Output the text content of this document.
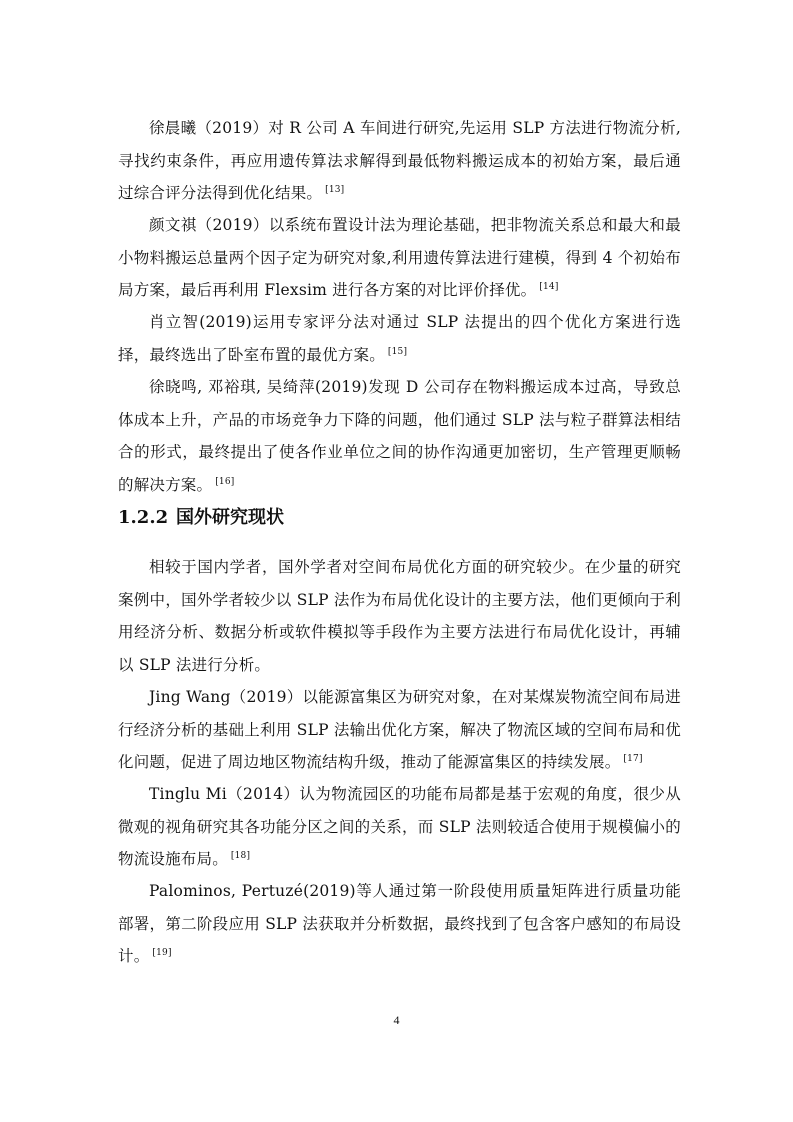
徐晨曦（2019）对 R 公司 A 车间进行研究,先运用 SLP 方法进行物流分析,寻找约束条件，再应用遗传算法求解得到最低物料搬运成本的初始方案，最后通过综合评分法得到优化结果。 [13]

颜文祺（2019）以系统布置设计法为理论基础，把非物流关系总和最大和最小物料搬运总量两个因子定为研究对象,利用遗传算法进行建模，得到 4 个初始布局方案，最后再利用 Flexsim 进行各方案的对比评价择优。 [14]

肖立智(2019)运用专家评分法对通过 SLP 法提出的四个优化方案进行选择，最终选出了卧室布置的最优方案。 [15]

徐晓鸣, 邓裕琪, 吴绮萍(2019)发现 D 公司存在物料搬运成本过高，导致总体成本上升，产品的市场竞争力下降的问题，他们通过 SLP 法与粒子群算法相结合的形式，最终提出了使各作业单位之间的协作沟通更加密切，生产管理更顺畅的解决方案。 [16]

1.2.2 国外研究现状

相较于国内学者，国外学者对空间布局优化方面的研究较少。在少量的研究案例中，国外学者较少以 SLP 法作为布局优化设计的主要方法，他们更倾向于利用经济分析、数据分析或软件模拟等手段作为主要方法进行布局优化设计，再辅以 SLP 法进行分析。

Jing Wang（2019）以能源富集区为研究对象，在对某煤炭物流空间布局进行经济分析的基础上利用 SLP 法输出优化方案，解决了物流区域的空间布局和优化问题，促进了周边地区物流结构升级，推动了能源富集区的持续发展。 [17]

Tinglu Mi（2014）认为物流园区的功能布局都是基于宏观的角度，很少从微观的视角研究其各功能分区之间的关系，而 SLP 法则较适合使用于规模偏小的物流设施布局。 [18]

Palominos, Pertuzé(2019)等人通过第一阶段使用质量矩阵进行质量功能部署，第二阶段应用 SLP 法获取并分析数据，最终找到了包含客户感知的布局设计。 [19]

4
